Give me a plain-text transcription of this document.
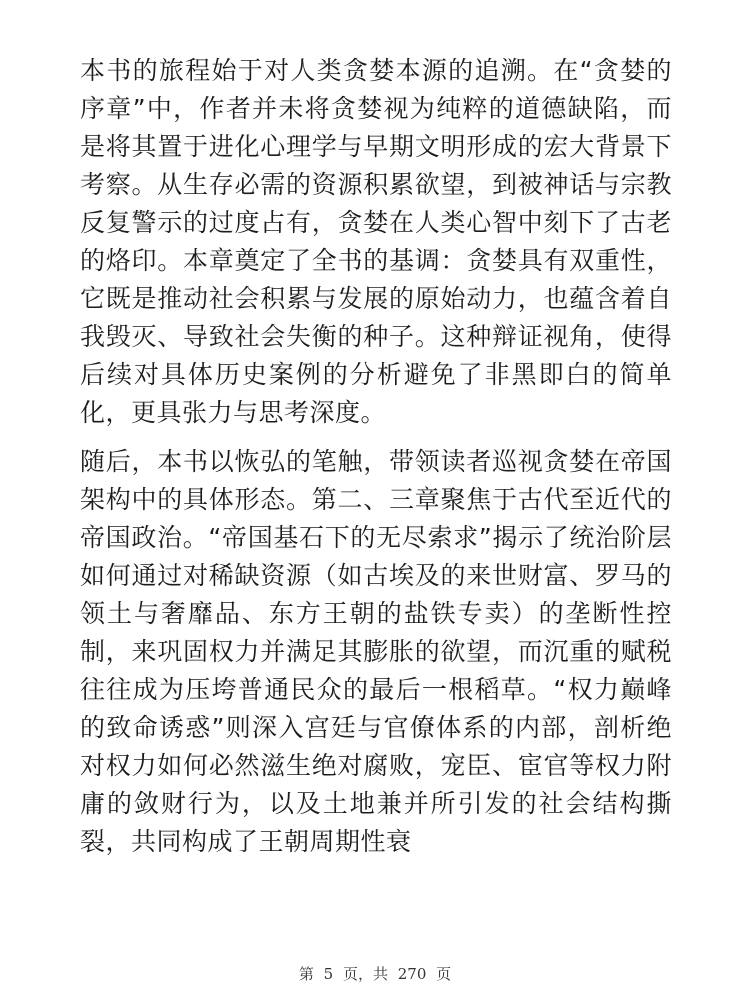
本书的旅程始于对人类贪婪本源的追溯。在“贪婪的序章”中，作者并未将贪婪视为纯粹的道德缺陷，而是将其置于进化心理学与早期文明形成的宏大背景下考察。从生存必需的资源积累欲望，到被神话与宗教反复警示的过度占有，贪婪在人类心智中刻下了古老的烙印。本章奠定了全书的基调：贪婪具有双重性，它既是推动社会积累与发展的原始动力，也蕴含着自我毁灭、导致社会失衡的种子。这种辩证视角，使得后续对具体历史案例的分析避免了非黑即白的简单化，更具张力与思考深度。

随后，本书以恢弘的笔触，带领读者巡视贪婪在帝国架构中的具体形态。第二、三章聚焦于古代至近代的帝国政治。“帝国基石下的无尽索求”揭示了统治阶层如何通过对稀缺资源（如古埃及的来世财富、罗马的领土与奢靡品、东方王朝的盐铁专卖）的垄断性控制，来巩固权力并满足其膨胀的欲望，而沉重的赋税往往成为压垮普通民众的最后一根稻草。“权力巅峰的致命诱惑”则深入宫廷与官僚体系的内部，剖析绝对权力如何必然滋生绝对腐败，宠臣、宦官等权力附庸的敛财行为，以及土地兼并所引发的社会结构撕裂，共同构成了王朝周期性衰

第 5 页，共 270 页
